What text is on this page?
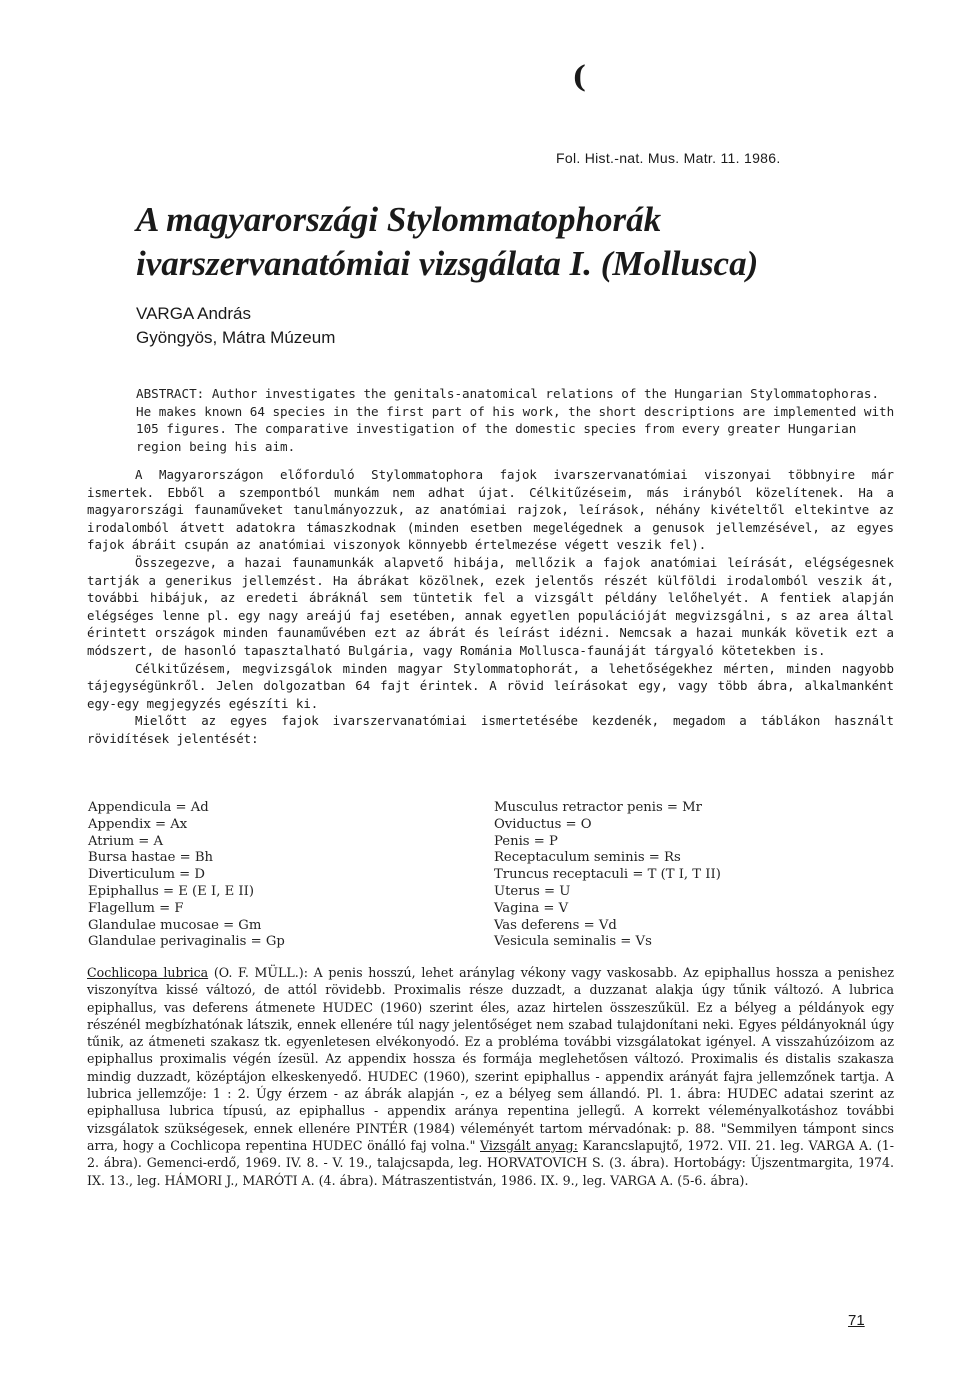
(
Fol. Hist.-nat. Mus. Matr. 11. 1986.
A magyarországi Stylommatophorák
ivarszervanatómiai vizsgálata I. (Mollusca)
VARGA András
Gyöngyös, Mátra Múzeum
ABSTRACT: Author investigates the genitals-anatomical relations of the Hungarian Stylommatophoras. He makes known 64 species in the first part of his work, the short descriptions are implemented with 105 figures. The comparative investigation of the domestic species from every greater Hungarian region being his aim.

A Magyarországon előforduló Stylommatophora fajok ivarszervanatómiai viszonyai többnyire már ismertek. Ebből a szempontból munkám nem adhat újat. Célkitűzéseim, más irányból közelítenek. Ha a magyarországi faunaműveket tanulmányozzuk, az anatómiai rajzok, leírások, néhány kivételtől eltekintve az irodalomból átvett adatokra támaszkodnak (minden esetben megelégednek a genusok jellemzésével, az egyes fajok ábráit csupán az anatómiai viszonyok könnyebb értelmezése végett veszik fel).

Összegezve, a hazai faunamunkák alapvető hibája, mellőzik a fajok anatómiai leírását, elégségesnek tartják a generikus jellemzést. Ha ábrákat közölnek, ezek jelentős részét külföldi irodalomból veszik át, további hibájuk, az eredeti ábráknál sem tüntetik fel a vizsgált példány lelőhelyét. A fentiek alapján elégséges lenne pl. egy nagy areájú faj esetében, annak egyetlen populációját megvizsgálni, s az area által érintett országok minden faunaművében ezt az ábrát és leírást idézni. Nemcsak a hazai munkák követik ezt a módszert, de hasonló tapasztalható Bulgária, vagy Románia Mollusca-faunáját tárgyaló kötetekben is.

Célkitűzésem, megvizsgálok minden magyar Stylommatophorát, a lehetőségekhez mérten, minden nagyobb tájegységünkről. Jelen dolgozatban 64 fajt érintek. A rövid leírásokat egy, vagy több ábra, alkalmanként egy-egy megjegyzés egészíti ki.

Mielőtt az egyes fajok ivarszervanatómiai ismertetésébe kezdenék, megadom a táblákon használt rövidítések jelentését:

Appendicula = Ad
Appendix = Ax
Atrium = A
Bursa hastae = Bh
Diverticulum = D
Epiphallus = E (E I, E II)
Flagellum = F
Glandulae mucosae = Gm
Glandulae perivaginalis = Gp
Musculus retractor penis = Mr
Oviductus = O
Penis = P
Receptaculum seminis = Rs
Truncus receptaculi = T (T I, T II)
Uterus = U
Vagina = V
Vas deferens = Vd
Vesicula seminalis = Vs
Cochlicopa lubrica (O. F. MÜLL.): A penis hosszú, lehet aránylag vékony vagy vaskosabb. Az epiphallus hossza a penishez viszonyítva kissé változó, de attól rövidebb. Proximalis része duzzadt, a duzzanat alakja úgy tűnik változó. A lubrica epiphallus, vas deferens átmenete HUDEC (1960) szerint éles, azaz hirtelen összeszűkül. Ez a bélyeg a példányok egy részénél megbízhatónak látszik, ennek ellenére túl nagy jelentőséget nem szabad tulajdonítani neki. Egyes példányoknál úgy tűnik, az átmeneti szakasz tk. egyenletesen elvékonyodó. Ez a probléma további vizsgálatokat igényel. A visszahúzóizom az epiphallus proximalis végén ízesül. Az appendix hossza és formája meglehetősen változó. Proximalis és distalis szakasza mindig duzzadt, középtájon elkeskenyedő. HUDEC (1960), szerint epiphallus - appendix arányát fajra jellemzőnek tartja. A lubrica jellemzője: 1 : 2. Úgy érzem - az ábrák alapján -, ez a bélyeg sem állandó. Pl. 1. ábra: HUDEC adatai szerint az epiphallusa lubrica típusú, az epiphallus - appendix aránya repentina jellegű. A korrekt véleményalkotáshoz további vizsgálatok szükségesek, ennek ellenére PINTÉR (1984) véleményét tartom mérvadónak: p. 88. "Semmilyen támpont sincs arra, hogy a Cochlicopa repentina HUDEC önálló faj volna." Vizsgált anyag: Karancslapujtő, 1972. VII. 21. leg. VARGA A. (1-2. ábra). Gemenci-erdő, 1969. IV. 8. - V. 19., talajcsapda, leg. HORVATOVICH S. (3. ábra). Hortobágy: Újszentmargita, 1974. IX. 13., leg. HÁMORI J., MARÓTI A. (4. ábra). Mátraszentistván, 1986. IX. 9., leg. VARGA A. (5-6. ábra).
71
